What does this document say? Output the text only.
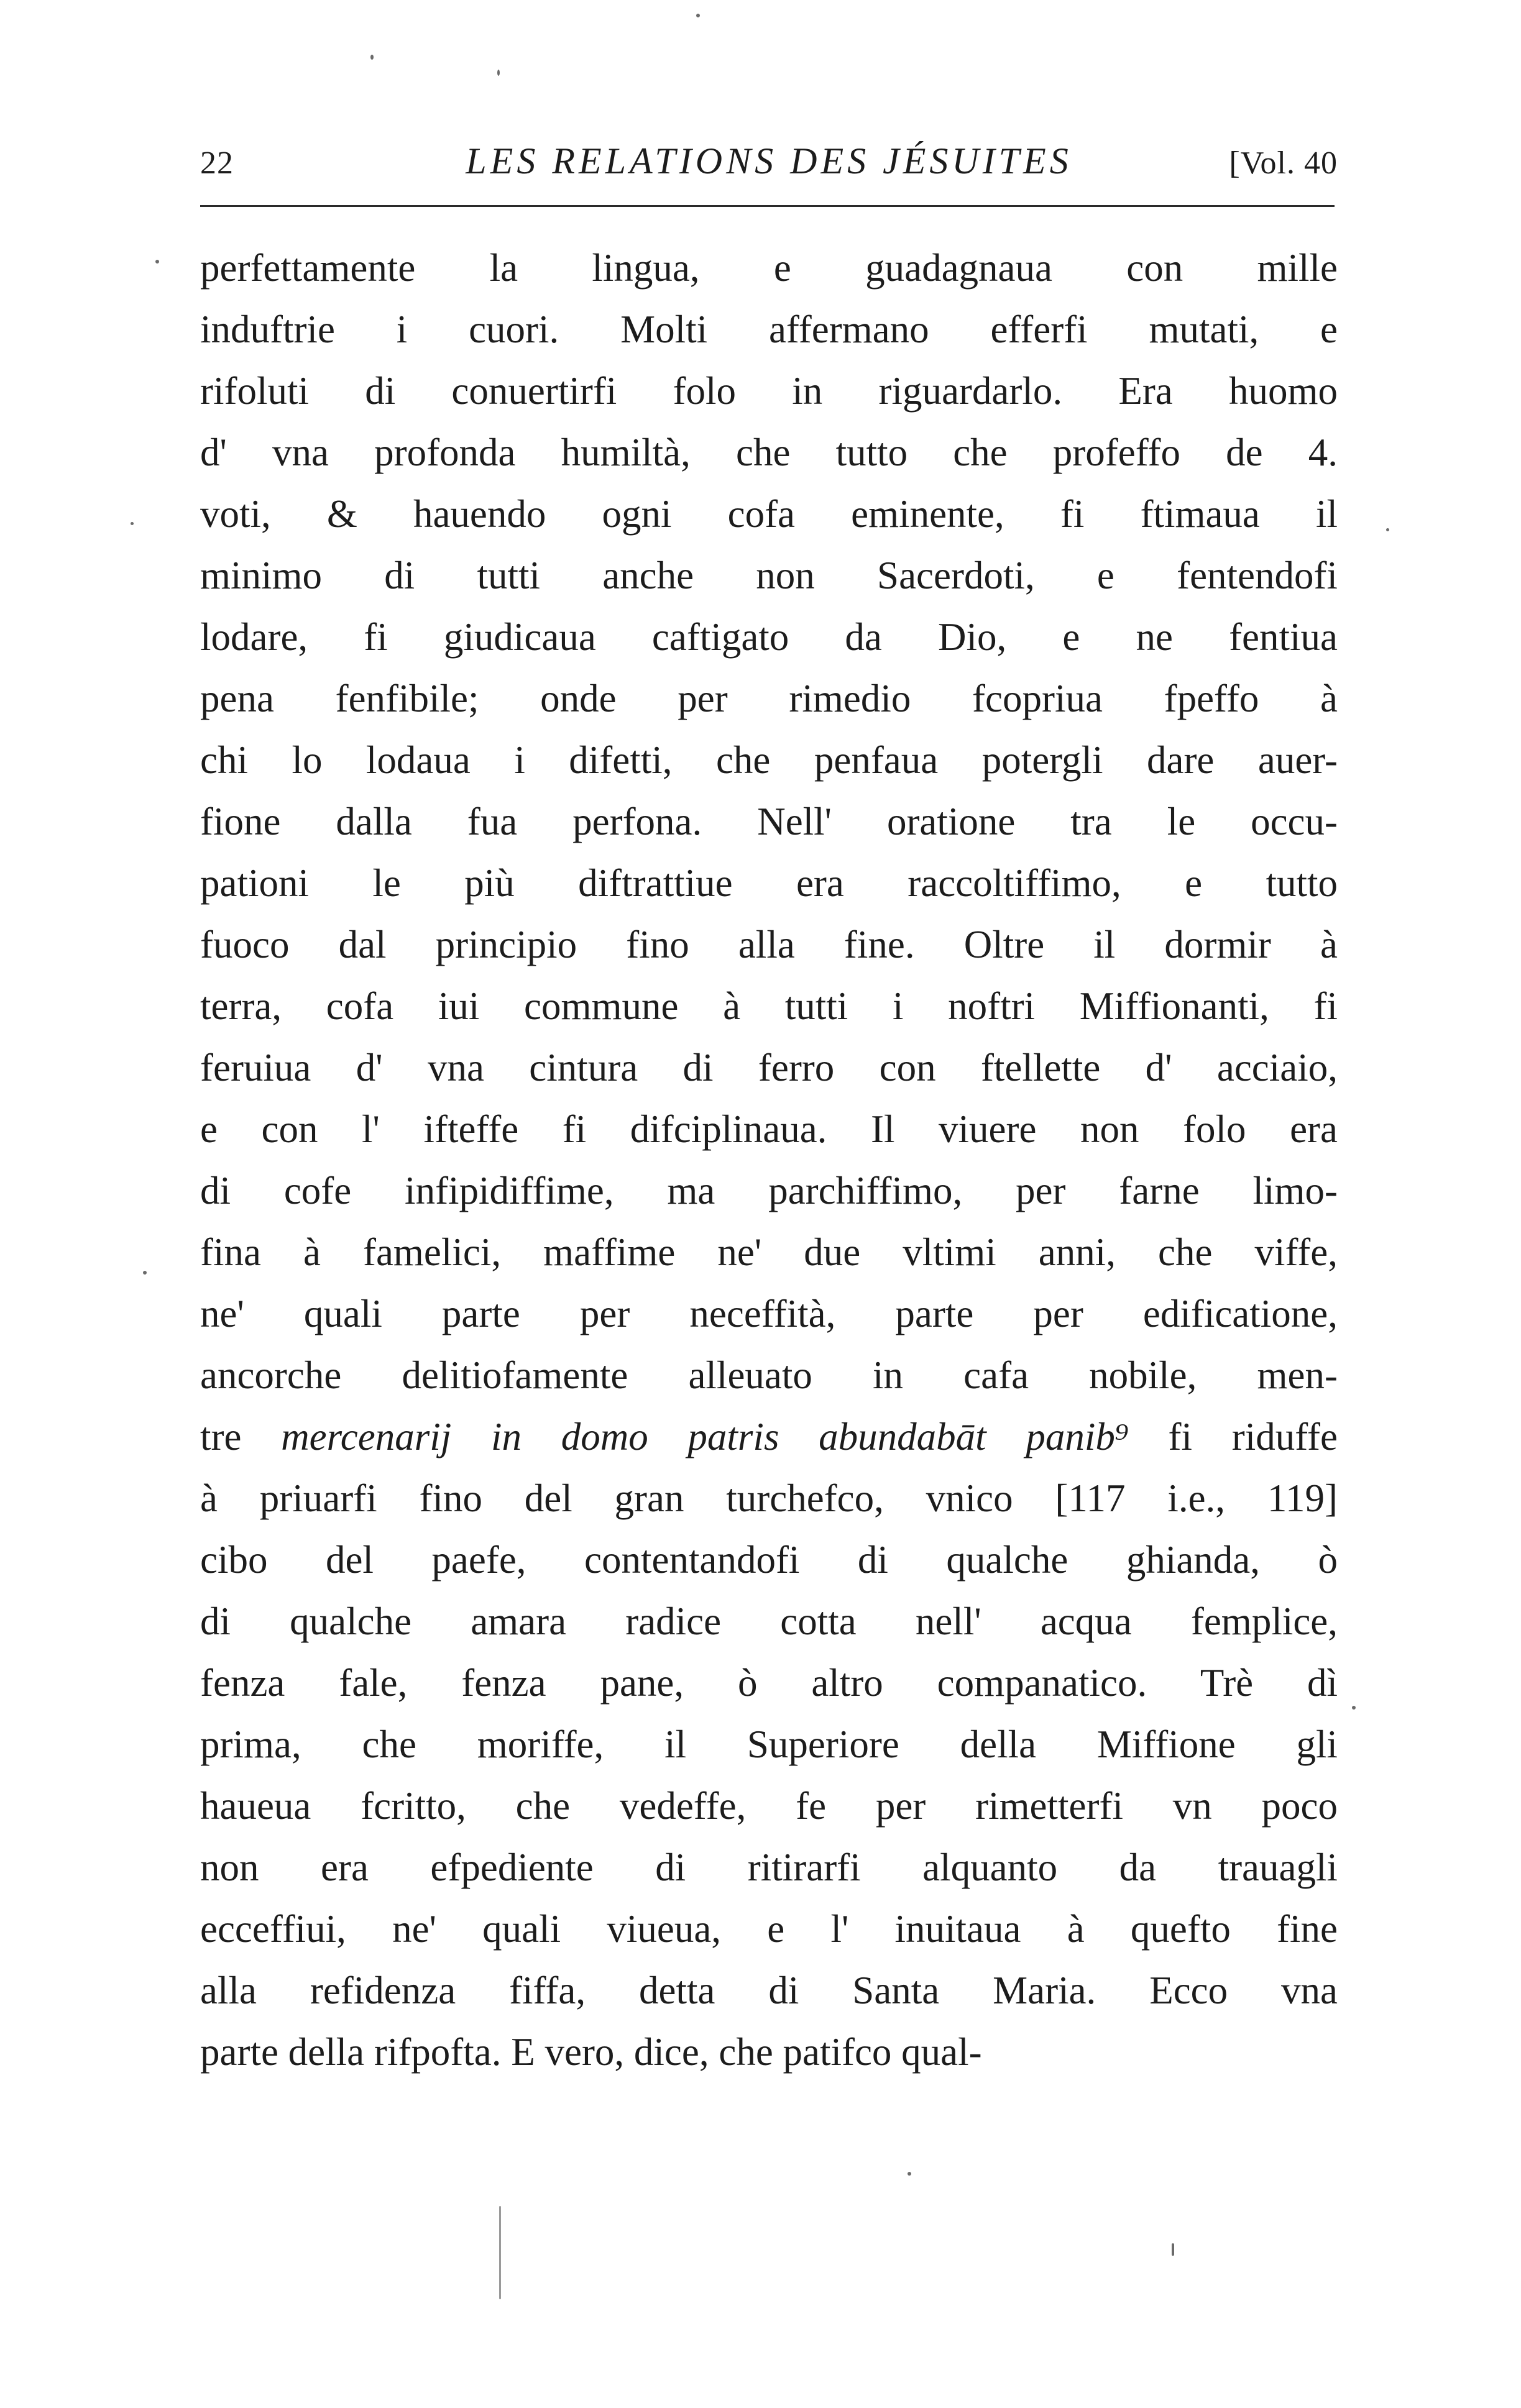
22	LES RELATIONS DES JÉSUITES	[Vol. 40
perfettamente la lingua, e guadagnaua con mille
induftrie i cuori. Molti affermano efferfi mutati, e
rifoluti di conuertirfi folo in riguardarlo. Era huomo
d' vna profonda humiltà, che tutto che profeffo de 4.
voti, & hauendo ogni cofa eminente, fi ftimaua il
minimo di tutti anche non Sacerdoti, e fentendofi
lodare, fi giudicaua caftigato da Dio, e ne fentiua
pena fenfibile; onde per rimedio fcopriua fpeffo à
chi lo lodaua i difetti, che penfaua potergli dare auer-
fione dalla fua perfona. Nell' oratione tra le occu-
pationi le più diftrattiue era raccoltiffimo, e tutto
fuoco dal principio fino alla fine. Oltre il dormir à
terra, cofa iui commune à tutti i noftri Miffionanti, fi
feruiua d' vna cintura di ferro con ftellette d' acciaio,
e con l' ifteffe fi difciplinaua. Il viuere non folo era
di cofe infipidiffime, ma parchiffimo, per farne limo-
fina à famelici, maffime ne' due vltimi anni, che viffe,
ne' quali parte per neceffità, parte per edificatione,
ancorche delitiofamente alleuato in cafa nobile, men-
tre mercenarij in domo patris abundabāt panib⁹ fi riduffe
à priuarfi fino del gran turchefco, vnico [117 i.e., 119]
cibo del paefe, contentandofi di qualche ghianda, ò
di qualche amara radice cotta nell' acqua femplice,
fenza fale, fenza pane, ò altro companatico. Trè dì
prima, che moriffe, il Superiore della Miffione gli
haueua fcritto, che vedeffe, fe per rimetterfi vn poco
non era efpediente di ritirarfi alquanto da trauagli
ecceffiui, ne' quali viueua, e l' inuitaua à quefto fine
alla refidenza fiffa, detta di Santa Maria. Ecco vna
parte della rifpofta. E vero, dice, che patifco qual-
